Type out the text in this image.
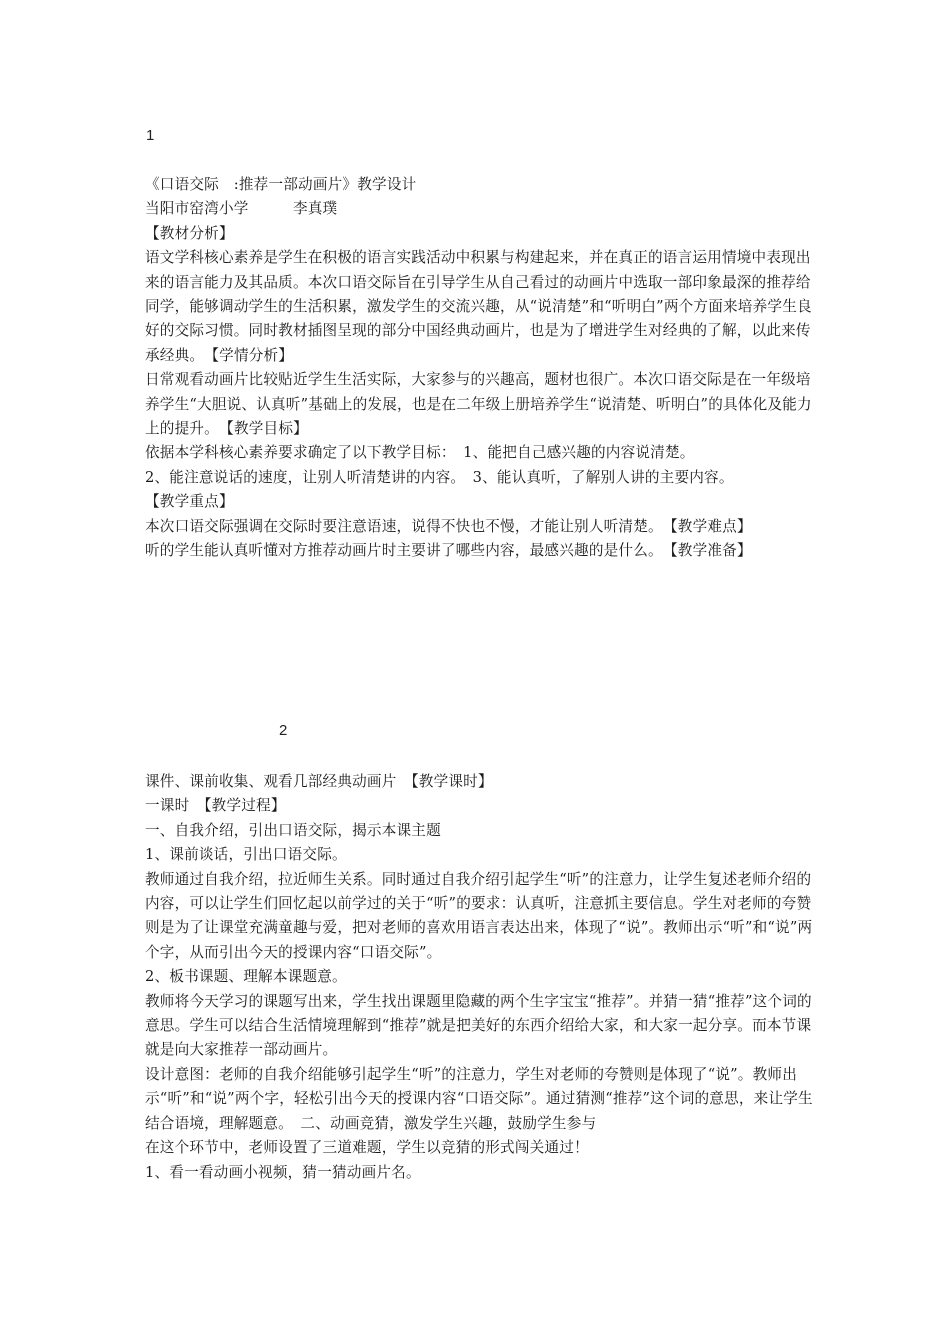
1

《口语交际　:推荐一部动画片》教学设计

当阳市窑湾小学　　　李真璞

【教材分析】

语文学科核心素养是学生在积极的语言实践活动中积累与构建起来，并在真正的语言运用情境中表现出来的语言能力及其品质。本次口语交际旨在引导学生从自己看过的动画片中选取一部印象最深的推荐给同学，能够调动学生的生活积累，激发学生的交流兴趣，从“说清楚”和“听明白”两个方面来培养学生良好的交际习惯。同时教材插图呈现的部分中国经典动画片，也是为了增进学生对经典的了解，以此来传承经典。　【学情分析】

日常观看动画片比较贴近学生生活实际，大家参与的兴趣高，题材也很广。本次口语交际是在一年级培养学生“大胆说、认真听”基础上的发展，也是在二年级上册培养学生“说清楚、听明白”的具体化及能力上的提升。　【教学目标】

依据本学科核心素养要求确定了以下教学目标：　1、能把自己感兴趣的内容说清楚。

2、能注意说话的速度，让别人听清楚讲的内容。　3、能认真听，了解别人讲的主要内容。

【教学重点】

本次口语交际强调在交际时要注意语速，说得不快也不慢，才能让别人听清楚。　【教学难点】

听的学生能认真听懂对方推荐动画片时主要讲了哪些内容，最感兴趣的是什么。　【教学准备】

2

课件、课前收集、观看几部经典动画片　【教学课时】

一课时　【教学过程】

一、自我介绍，引出口语交际，揭示本课主题

1、课前谈话，引出口语交际。

教师通过自我介绍，拉近师生关系。同时通过自我介绍引起学生“听”的注意力，让学生复述老师介绍的内容，可以让学生们回忆起以前学过的关于“听”的要求：认真听，注意抓主要信息。学生对老师的夸赞则是为了让课堂充满童趣与爱，把对老师的喜欢用语言表达出来，体现了“说”。教师出示“听”和“说”两个字，从而引出今天的授课内容“口语交际”。

2、板书课题、理解本课题意。

教师将今天学习的课题写出来，学生找出课题里隐藏的两个生字宝宝“推荐”。并猜一猜“推荐”这个词的意思。学生可以结合生活情境理解到“推荐”就是把美好的东西介绍给大家，和大家一起分享。而本节课就是向大家推荐一部动画片。

设计意图：老师的自我介绍能够引起学生“听”的注意力，学生对老师的夸赞则是体现了“说”。教师出示“听”和“说”两个字，轻松引出今天的授课内容“口语交际”。通过猜测“推荐”这个词的意思，来让学生结合语境，理解题意。　二、动画竞猜，激发学生兴趣，鼓励学生参与

在这个环节中，老师设置了三道难题，学生以竞猜的形式闯关通过！

1、看一看动画小视频，猜一猜动画片名。
